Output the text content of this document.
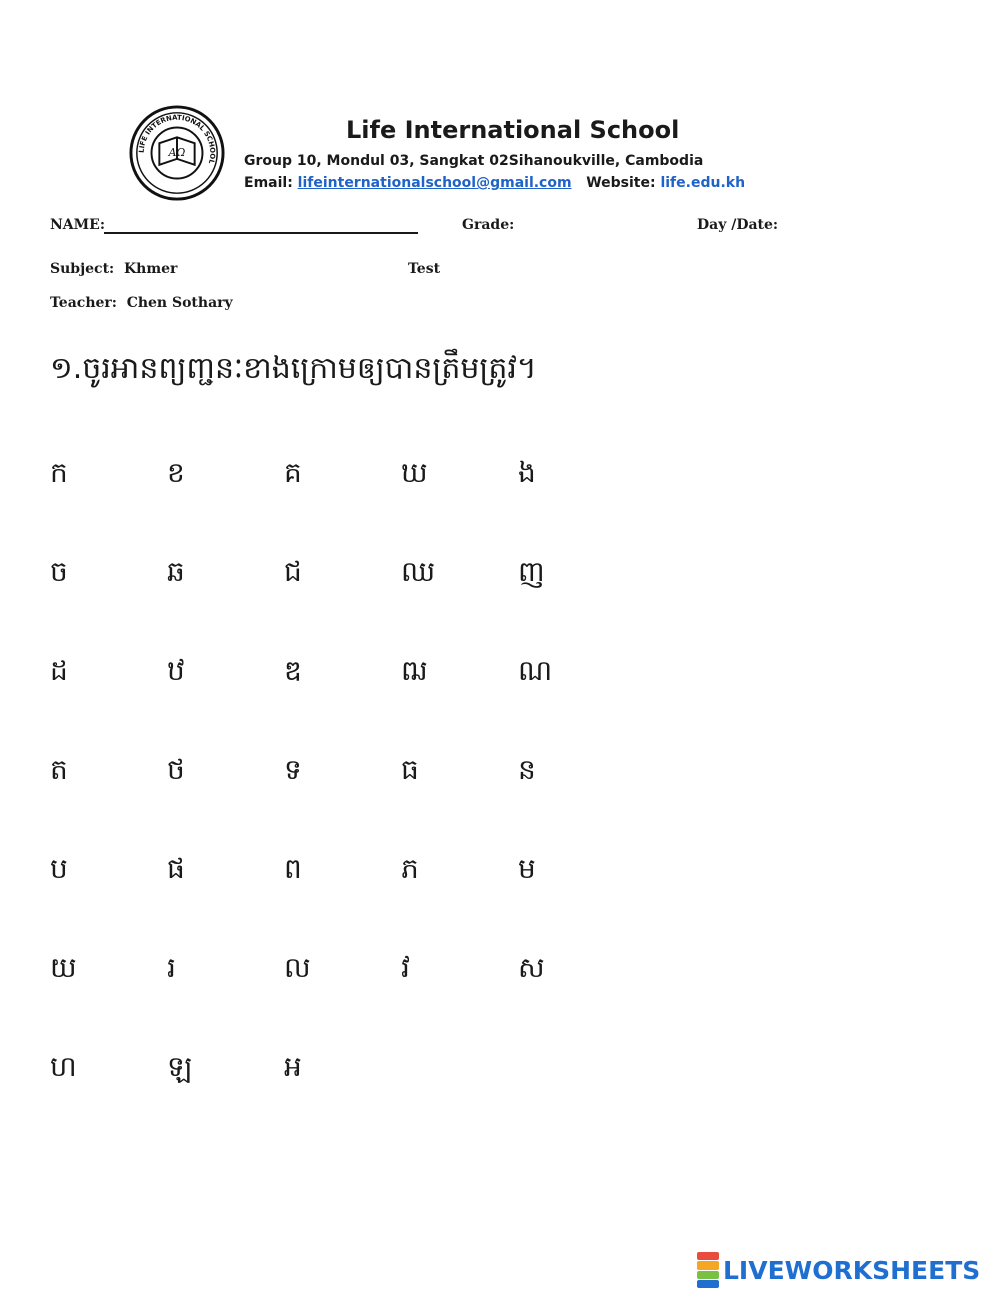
LIFE INTERNATIONAL SCHOOL
AΩ
Life International School
Group 10, Mondul 03, Sangkat 02Sihanoukville, Cambodia
Email: lifeinternationalschool@gmail.com Website: life.edu.kh
NAME:	Grade:	Day /Date:
Subject: Khmer	Test
Teacher: Chen Sothary
១.ចូរអានព្យញ្ជនៈខាងក្រោមឲ្យបានត្រឹមត្រូវ។
ក	ខ	គ	ឃ	ង
ច	ឆ	ជ	ឈ	ញ
ដ	ឋ	ឌ	ឍ	ណ
ត	ថ	ទ	ធ	ន
ប	ផ	ព	ភ	ម
យ	រ	ល	វ	ស
ហ	ឡ	អ
LIVEWORKSHEETS
